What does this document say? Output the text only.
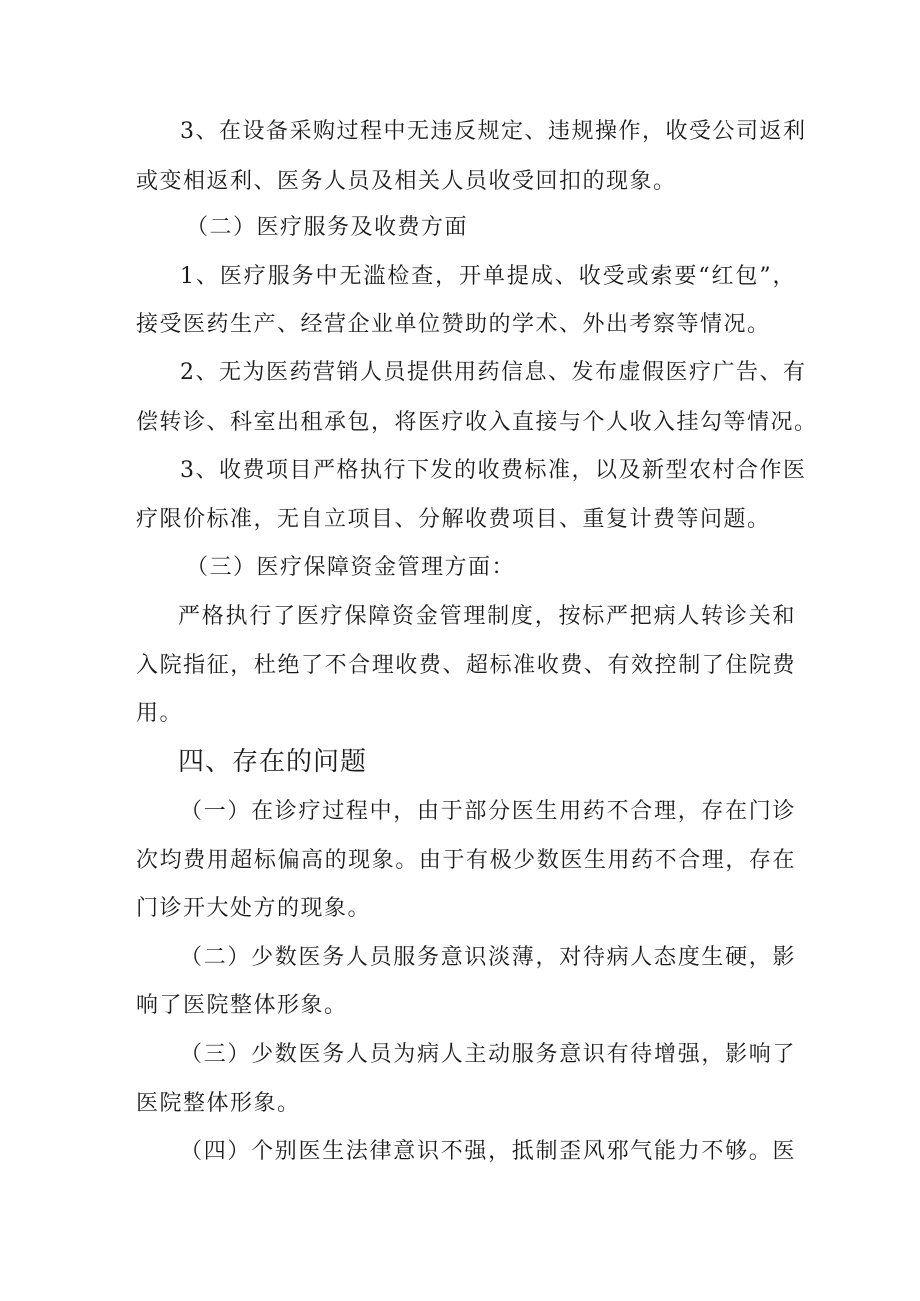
3、在设备采购过程中无违反规定、违规操作，收受公司返利
或变相返利、医务人员及相关人员收受回扣的现象。
（二）医疗服务及收费方面
1、医疗服务中无滥检查，开单提成、收受或索要“红包”，
接受医药生产、经营企业单位赞助的学术、外出考察等情况。
2、无为医药营销人员提供用药信息、发布虚假医疗广告、有
偿转诊、科室出租承包，将医疗收入直接与个人收入挂勾等情况。
3、收费项目严格执行下发的收费标准，以及新型农村合作医
疗限价标准，无自立项目、分解收费项目、重复计费等问题。
（三）医疗保障资金管理方面：
严格执行了医疗保障资金管理制度，按标严把病人转诊关和
入院指征，杜绝了不合理收费、超标准收费、有效控制了住院费
用。
四、存在的问题
（一）在诊疗过程中，由于部分医生用药不合理，存在门诊
次均费用超标偏高的现象。由于有极少数医生用药不合理，存在
门诊开大处方的现象。
（二）少数医务人员服务意识淡薄，对待病人态度生硬，影
响了医院整体形象。
（三）少数医务人员为病人主动服务意识有待增强，影响了
医院整体形象。
（四）个别医生法律意识不强，抵制歪风邪气能力不够。医
